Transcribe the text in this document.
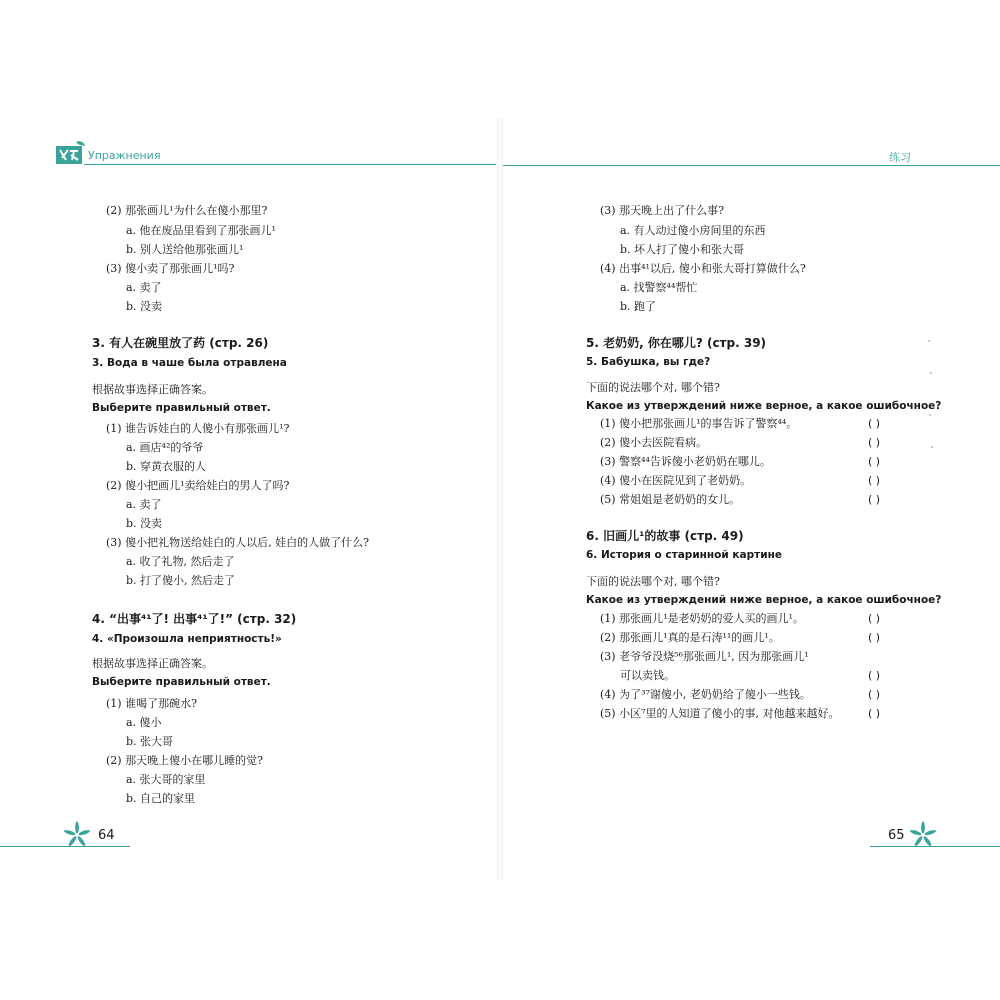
Упражнения	练习
(2) 那张画儿¹为什么在傻小那里?
a. 他在废品里看到了那张画儿¹
b. 别人送给他那张画儿¹
(3) 傻小卖了那张画儿¹吗?
a. 卖了
b. 没卖
3. 有人在碗里放了药 (стр. 26)
3. Вода в чаше была отравлена
根据故事选择正确答案。
Выберите правильный ответ.
(1) 谁告诉娃白的人傻小有那张画儿¹?
a. 画店⁴²的爷爷
b. 穿黄衣服的人
(2) 傻小把画儿¹卖给娃白的男人了吗?
a. 卖了
b. 没卖
(3) 傻小把礼物送给娃白的人以后, 娃白的人做了什么?
a. 收了礼物, 然后走了
b. 打了傻小, 然后走了
4. “出事⁴¹了! 出事⁴¹了!” (стр. 32)
4. «Произошла неприятность!»
根据故事选择正确答案。
Выберите правильный ответ.
(1) 谁喝了那碗水?
a. 傻小
b. 张大哥
(2) 那天晚上傻小在哪儿睡的觉?
a. 张大哥的家里
b. 自己的家里
(3) 那天晚上出了什么事?
a. 有人动过傻小房间里的东西
b. 坏人打了傻小和张大哥
(4) 出事⁴¹以后, 傻小和张大哥打算做什么?
a. 找警察⁴⁴帮忙
b. 跑了
5. 老奶奶, 你在哪儿? (стр. 39)
5. Бабушка, вы где?
下面的说法哪个对, 哪个错?
Какое из утверждений ниже верное, а какое ошибочное?
(1) 傻小把那张画儿¹的事告诉了警察⁴⁴。	( )
(2) 傻小去医院看病。	( )
(3) 警察⁴⁴告诉傻小老奶奶在哪儿。	( )
(4) 傻小在医院见到了老奶奶。	( )
(5) 常姐姐是老奶奶的女儿。	( )
6. 旧画儿¹的故事 (стр. 49)
6. История о старинной картине
下面的说法哪个对, 哪个错?
Какое из утверждений ниже верное, а какое ошибочное?
(1) 那张画儿¹是老奶奶的爱人买的画儿¹。	( )
(2) 那张画儿¹真的是石涛¹¹的画儿¹。	( )
(3) 老爷爷没烧⁵⁶那张画儿¹, 因为那张画儿¹
可以卖钱。	( )
(4) 为了³⁷谢傻小, 老奶奶给了傻小一些钱。	( )
(5) 小区⁷里的人知道了傻小的事, 对他越来越好。	( )
64	65
